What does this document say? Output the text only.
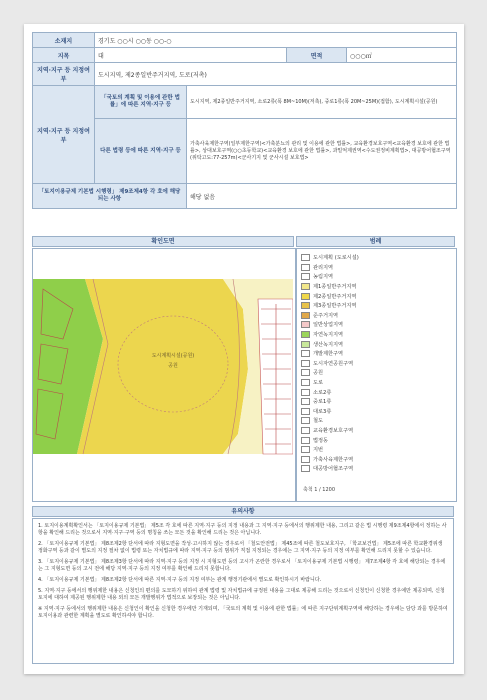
소재지	경기도 ○○시 ○○동 ○○-○			
지목	대		면적	○○○㎡
지역·지구 등 지정여부	도시지역, 제2종일반주거지역, 도로(저촉)			
지역·지구 등 지정여부	「국토의 계획 및 이용에 관한 법률」에 따른 지역·지구 등	도시지역, 제2종일반주거지역, 소로2류(폭 8M~10M)(저촉), 중로1류(폭 20M~25M)(접함), 도시계획시설(공원)		
	다른 법령 등에 따른 지역·지구 등	가축사육제한구역(일부제한구역)<가축분뇨의 관리 및 이용에 관한 법률>, 교육환경보호구역<교육환경 보호에 관한 법률>, 상대보호구역(○○초등학교)<교육환경 보호에 관한 법률>, 과밀억제권역<수도권정비계획법>, 대공방어협조구역(위탁고도:77-257m)<군사기지 및 군사시설 보호법>		
「토지이용규제 기본법 시행령」 제9조제4항 각 호에 해당되는 사항		해당 없음		
확인도면	범례
도시계획시설(공원)
공원
도시계획 (도로시설)
관리지역
농림지역
제1종일반주거지역
제2종일반주거지역
제3종일반주거지역
준주거지역
일반상업지역
자연녹지지역
생산녹지지역
개발제한구역
도시자연공원구역
공원
도로
소로2류
중로1류
대로3류
철도
교육환경보호구역
법정동
지번
가축사육제한구역
대공방어협조구역
축척 1 / 1200
유의사항
1. 토지이용계획확인서는 「토지이용규제 기본법」 제5조 각 호에 따른 지역·지구 등의 지정 내용과 그 지역·지구 등에서의 행위제한 내용, 그리고 같은 법 시행령 제9조제4항에서 정하는 사항을 확인해 드리는 것으로서 지역·지구·구역 등의 명칭을 쓰는 모든 것을 확인해 드리는 것은 아닙니다.
2. 「토지이용규제 기본법」 제8조제2항 단서에 따라 지형도면을 작성·고시하지 않는 경우로서 「철도안전법」 제45조에 따른 철도보호지구, 「학교보건법」 제5조에 따른 학교환경위생 정화구역 등과 같이 별도의 지정 절차 없이 법령 또는 자치법규에 따라 지역·지구 등의 범위가 직접 지정되는 경우에는 그 지역·지구 등의 지정 여부를 확인해 드리지 못할 수 있습니다.
3. 「토지이용규제 기본법」 제8조제3항 단서에 따라 지역·지구 등의 지정 시 지형도면 등의 고시가 곤란한 경우로서 「토지이용규제 기본법 시행령」 제7조제4항 각 호에 해당되는 경우에는 그 지형도면 등의 고시 전에 해당 지역·지구 등의 지정 여부를 확인해 드리지 못합니다.
4. 「토지이용규제 기본법」 제8조제2항 단서에 따른 지역·지구 등의 지정 여부는 관계 행정기관에서 별도로 확인하시기 바랍니다.
5. 지역·지구 등에서의 행위제한 내용은 신청인의 편의를 도모하기 위하여 관계 법령 및 자치법규에 규정된 내용을 그대로 제공해 드리는 것으로서 신청인이 신청한 경우에만 제공되며, 신청 토지에 대하여 제공된 행위제한 내용 외의 모든 개발행위가 법적으로 보장되는 것은 아닙니다.
※ 지역·지구 등에서의 행위제한 내용은 신청인이 확인을 신청한 경우에만 기재되며, 「국토의 계획 및 이용에 관한 법률」에 따른 지구단위계획구역에 해당하는 경우에는 담당 과를 방문하여 토지이용과 관련한 계획을 별도로 확인하셔야 합니다.
